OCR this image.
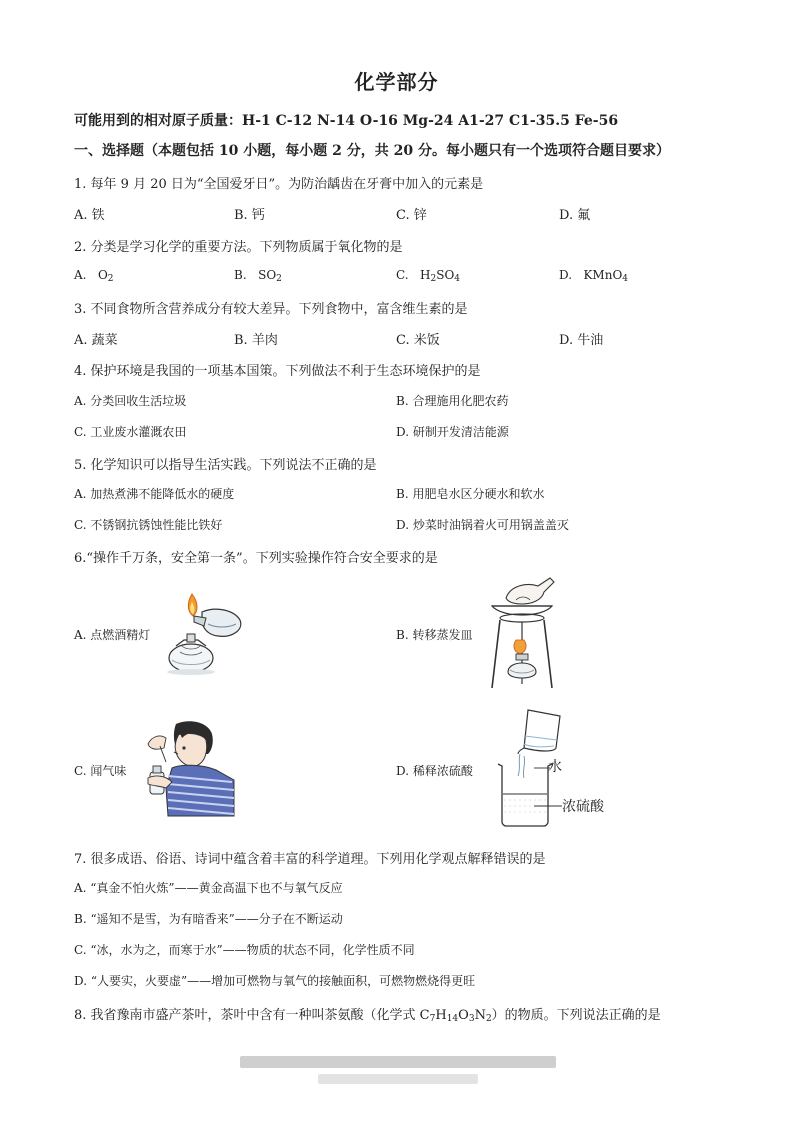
化学部分
可能用到的相对原子质量：H-1 C-12 N-14 O-16 Mg-24 A1-27 C1-35.5 Fe-56
一、选择题（本题包括 10 小题，每小题 2 分，共 20 分。每小题只有一个选项符合题目要求）
1. 每年 9 月 20 日为“全国爱牙日”。为防治龋齿在牙膏中加入的元素是
A. 铁	B. 钙	C. 锌	D. 氟
2. 分类是学习化学的重要方法。下列物质属于氧化物的是
A. $O_2$	B. $SO_2$	C. $H_2SO_4$	D. KMnO$_4$
3. 不同食物所含营养成分有较大差异。下列食物中，富含维生素的是
A. 蔬菜	B. 羊肉	C. 米饭	D. 牛油
4. 保护环境是我国的一项基本国策。下列做法不利于生态环境保护的是
A. 分类回收生活垃圾	B. 合理施用化肥农药
C. 工业废水灌溉农田	D. 研制开发清洁能源
5. 化学知识可以指导生活实践。下列说法不正确的是
A. 加热煮沸不能降低水的硬度	B. 用肥皂水区分硬水和软水
C. 不锈钢抗锈蚀性能比铁好	D. 炒菜时油锅着火可用锅盖盖灭
6.“操作千万条，安全第一条”。下列实验操作符合安全要求的是
A. 点燃酒精灯	B. 转移蒸发皿
C. 闻气味	D. 稀释浓硫酸	水
浓硫酸
7. 很多成语、俗语、诗词中蕴含着丰富的科学道理。下列用化学观点解释错误的是
A. “真金不怕火炼”——黄金高温下也不与氧气反应
B. “遥知不是雪，为有暗香来”——分子在不断运动
C. “冰，水为之，而寒于水”——物质的状态不同，化学性质不同
D. “人要实，火要虚”——增加可燃物与氧气的接触面积，可燃物燃烧得更旺
8. 我省豫南市盛产茶叶，茶叶中含有一种叫茶氨酸（化学式 $C_7H_{14}O_3N_2$）的物质。下列说法正确的是
